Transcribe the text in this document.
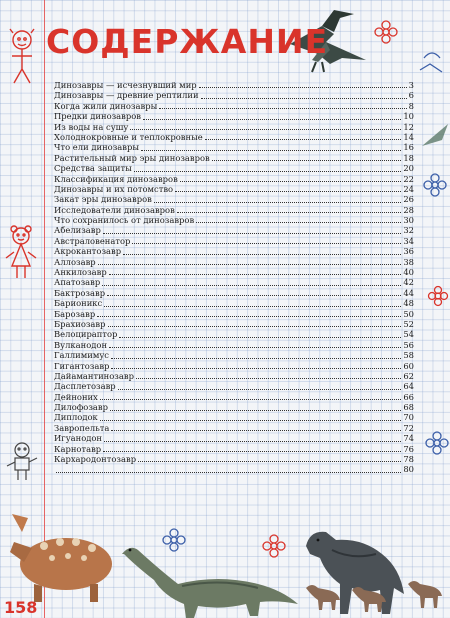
СОДЕРЖАНИЕ
Динозавры — исчезнувший мир	3
Динозавры — древние рептилии	6
Когда жили динозавры	8
Предки динозавров	10
Из воды на сушу	12
Холоднокровные и теплокровные	14
Что ели динозавры	16
Растительный мир эры динозавров	18
Средства защиты	20
Классификация динозавров	22
Динозавры и их потомство	24
Закат эры динозавров	26
Исследователи динозавров	28
Что сохранилось от динозавров	30
Абелизавр	32
Австраловенатор	34
Акрокантозавр	36
Аллозавр	38
Анкилозавр	40
Апатозавр	42
Бактрозавр	44
Барионикс	48
Барозавр	50
Брахиозавр	52
Велоцираптор	54
Вулканодон	56
Галлимимус	58
Гигантозавр	60
Дайамантинозавр	62
Дасплетозавр	64
Дейноних	66
Дилофозавр	68
Диплодок	70
Завропельта	72
Игуанодон	74
Карнотавр	76
Кархародонтозавр	78
80
158
